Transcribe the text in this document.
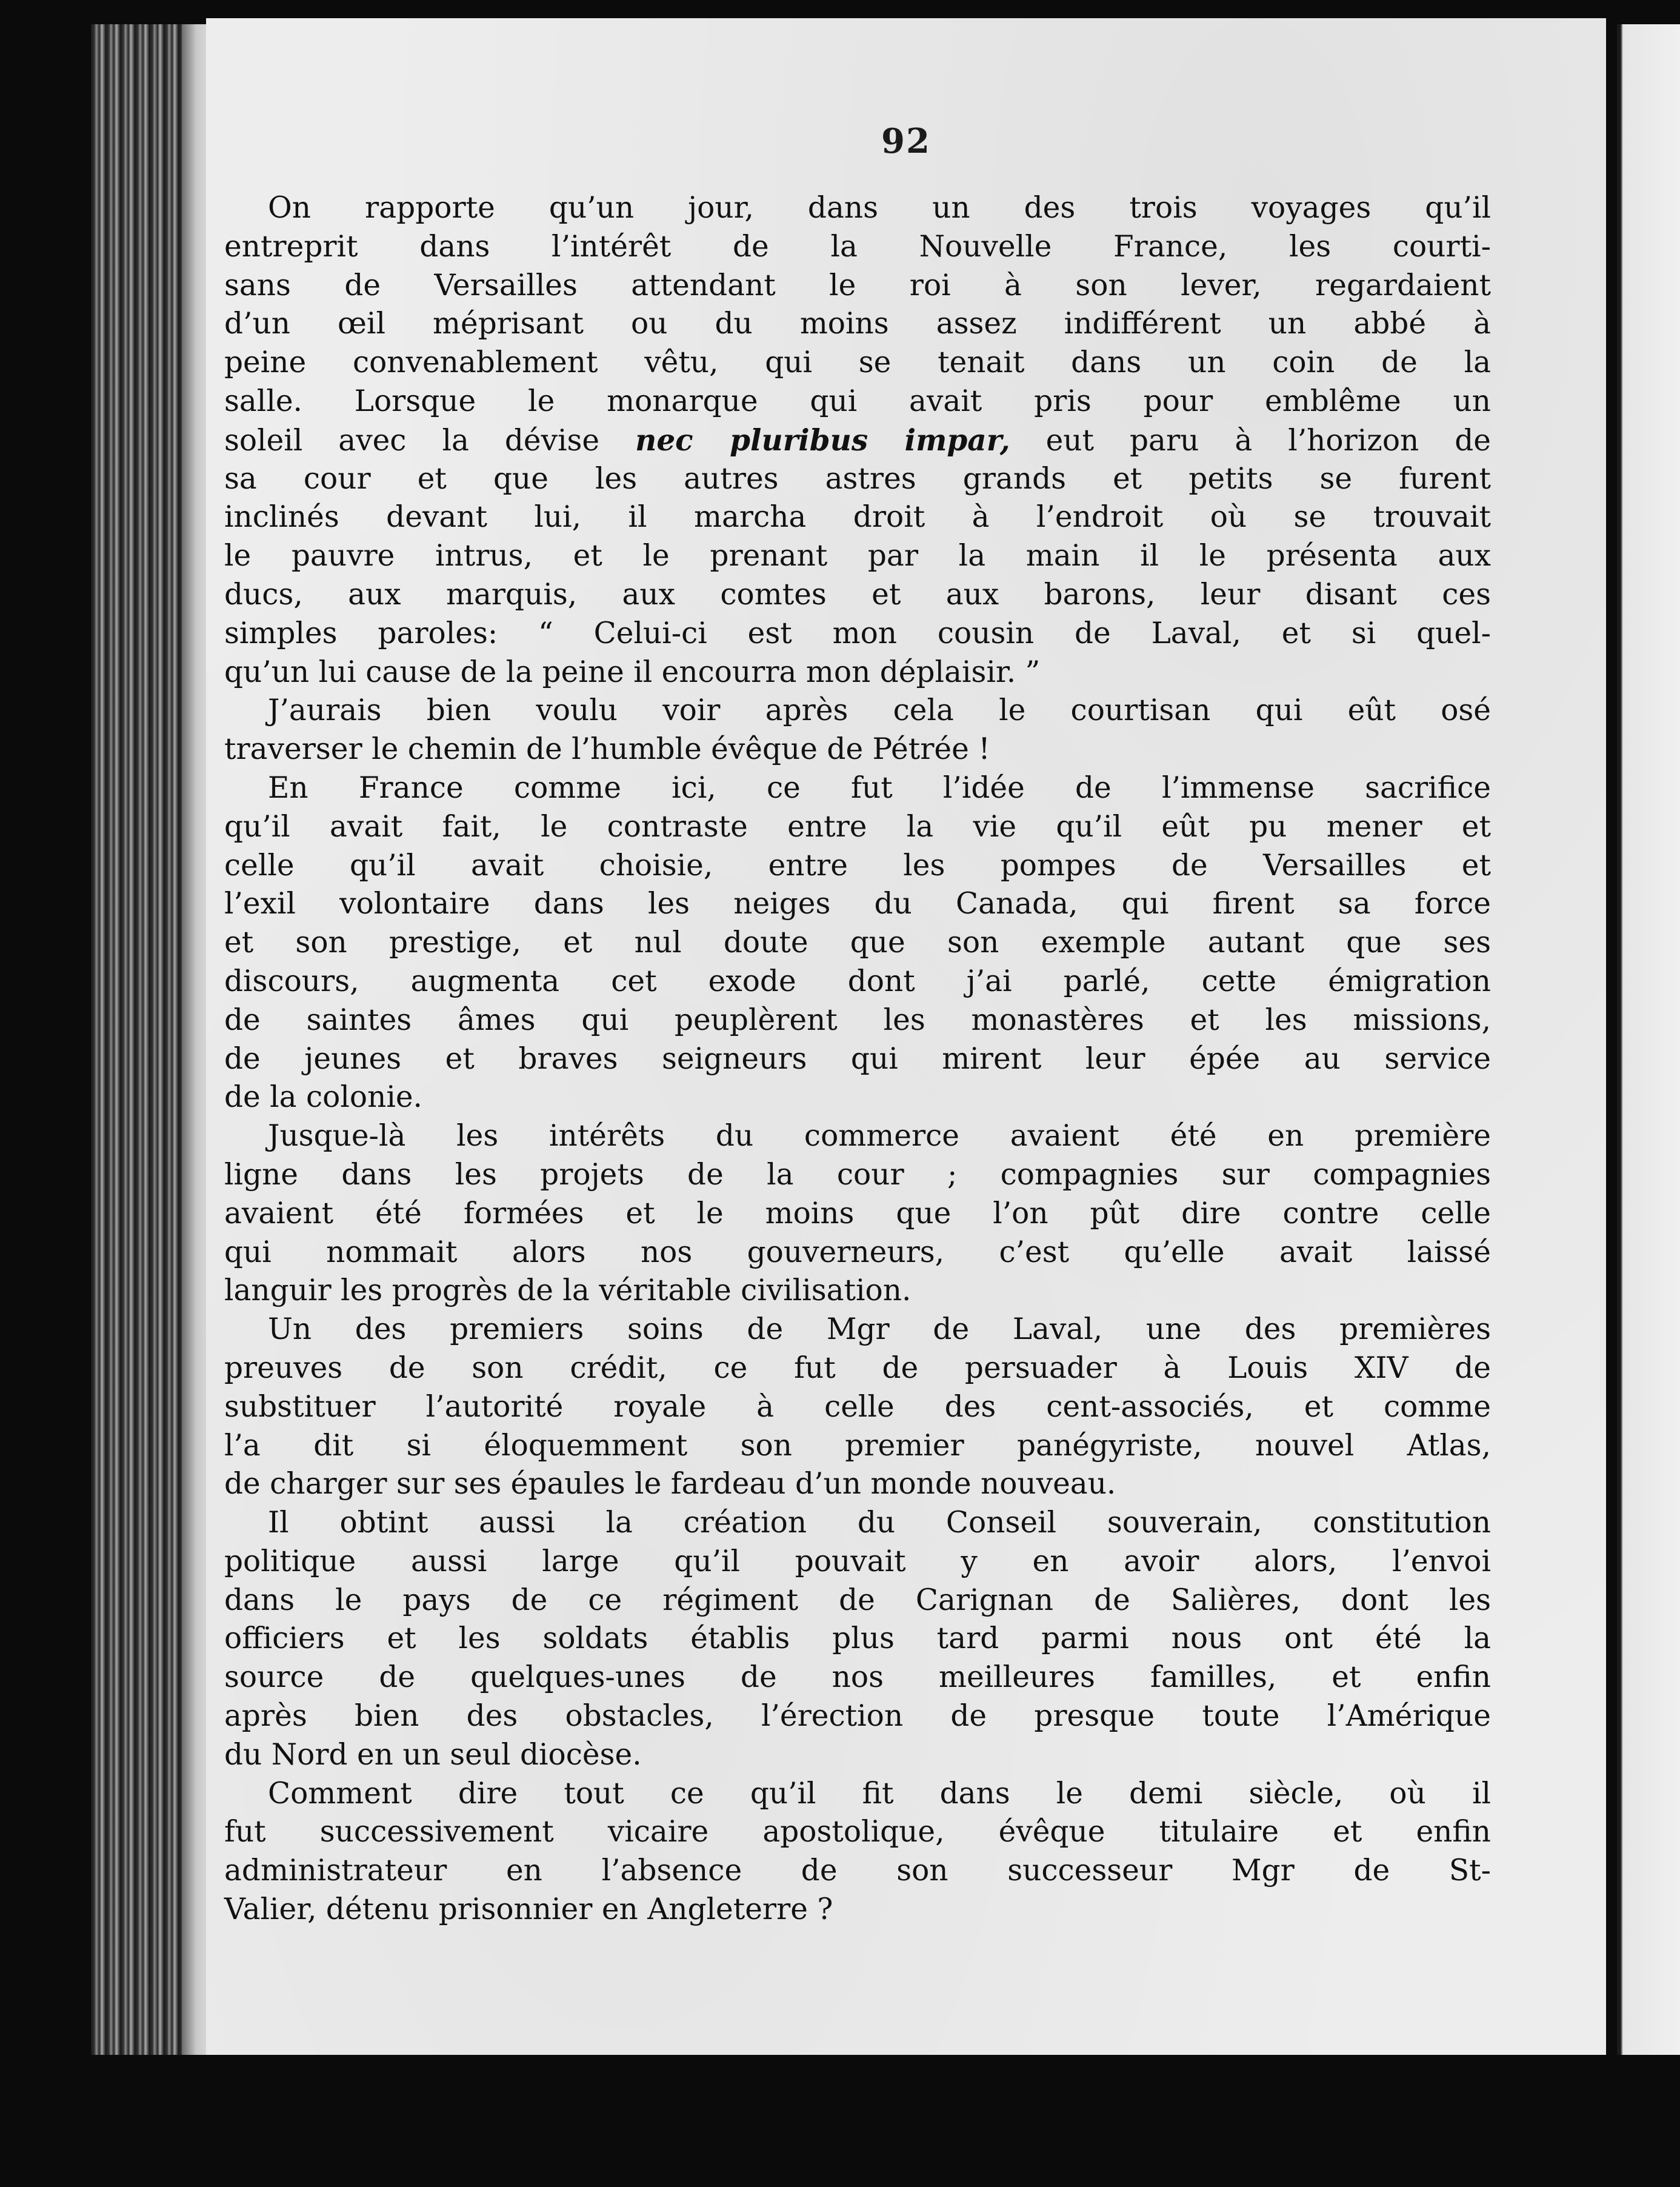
92
On rapporte qu’un jour, dans un des trois voyages qu’il
entreprit dans l’intérêt de la Nouvelle France, les courti-
sans de Versailles attendant le roi à son lever, regardaient
d’un œil méprisant ou du moins assez indifférent un abbé à
peine convenablement vêtu, qui se tenait dans un coin de la
salle. Lorsque le monarque qui avait pris pour emblême un
soleil avec la dévise nec pluribus impar, eut paru à l’horizon de
sa cour et que les autres astres grands et petits se furent
inclinés devant lui, il marcha droit à l’endroit où se trouvait
le pauvre intrus, et le prenant par la main il le présenta aux
ducs, aux marquis, aux comtes et aux barons, leur disant ces
simples paroles: “ Celui-ci est mon cousin de Laval, et si quel-
qu’un lui cause de la peine il encourra mon déplaisir. ”
J’aurais bien voulu voir après cela le courtisan qui eût osé
traverser le chemin de l’humble évêque de Pétrée !
En France comme ici, ce fut l’idée de l’immense sacrifice
qu’il avait fait, le contraste entre la vie qu’il eût pu mener et
celle qu’il avait choisie, entre les pompes de Versailles et
l’exil volontaire dans les neiges du Canada, qui firent sa force
et son prestige, et nul doute que son exemple autant que ses
discours, augmenta cet exode dont j’ai parlé, cette émigration
de saintes âmes qui peuplèrent les monastères et les missions,
de jeunes et braves seigneurs qui mirent leur épée au service
de la colonie.
Jusque-là les intérêts du commerce avaient été en première
ligne dans les projets de la cour ; compagnies sur compagnies
avaient été formées et le moins que l’on pût dire contre celle
qui nommait alors nos gouverneurs, c’est qu’elle avait laissé
languir les progrès de la véritable civilisation.
Un des premiers soins de Mgr de Laval, une des premières
preuves de son crédit, ce fut de persuader à Louis XIV de
substituer l’autorité royale à celle des cent-associés, et comme
l’a dit si éloquemment son premier panégyriste, nouvel Atlas,
de charger sur ses épaules le fardeau d’un monde nouveau.
Il obtint aussi la création du Conseil souverain, constitution
politique aussi large qu’il pouvait y en avoir alors, l’envoi
dans le pays de ce régiment de Carignan de Salières, dont les
officiers et les soldats établis plus tard parmi nous ont été la
source de quelques-unes de nos meilleures familles, et enfin
après bien des obstacles, l’érection de presque toute l’Amérique
du Nord en un seul diocèse.
Comment dire tout ce qu’il fit dans le demi siècle, où il
fut successivement vicaire apostolique, évêque titulaire et enfin
administrateur en l’absence de son successeur Mgr de St-
Valier, détenu prisonnier en Angleterre ?
